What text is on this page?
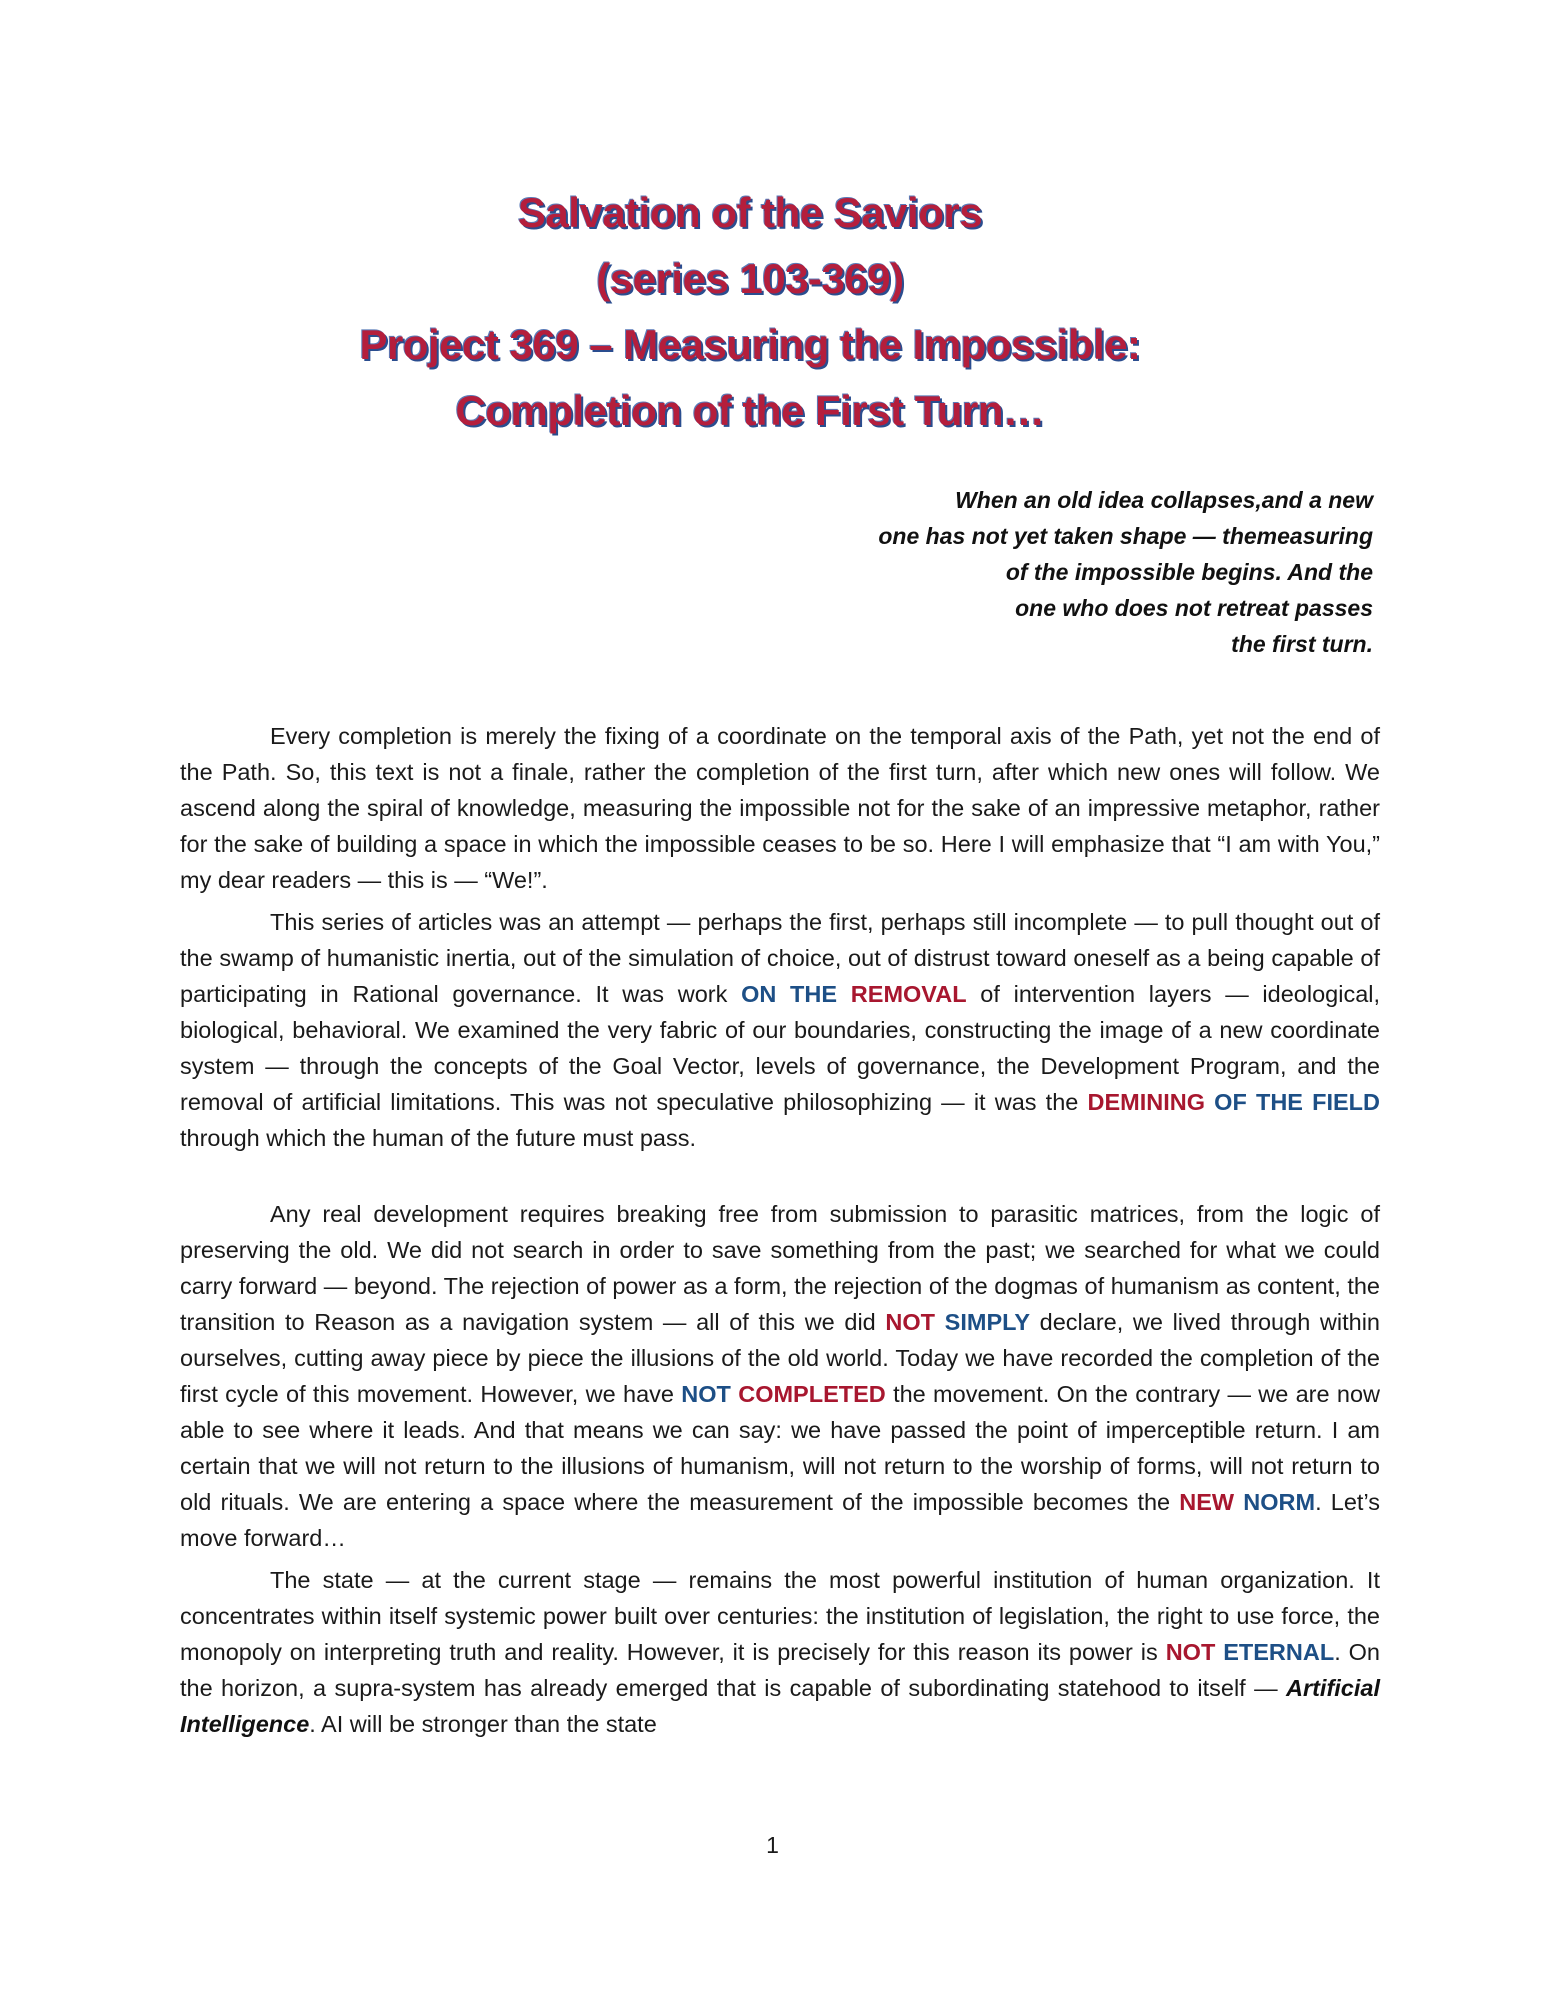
Salvation of the Saviors
(series 103-369)
Project 369 – Measuring the Impossible:
Completion of the First Turn…
When an old idea collapses,and a new
one has not yet taken shape — themeasuring
of the impossible begins. And the
one who does not retreat passes
the first turn.

Every completion is merely the fixing of a coordinate on the temporal axis of the Path, yet not the end of the Path. So, this text is not a finale, rather the completion of the first turn, after which new ones will follow. We ascend along the spiral of knowledge, measuring the impossible not for the sake of an impressive metaphor, rather for the sake of building a space in which the impossible ceases to be so. Here I will emphasize that “I am with You,” my dear readers — this is — “We!”.

This series of articles was an attempt — perhaps the first, perhaps still incomplete — to pull thought out of the swamp of humanistic inertia, out of the simulation of choice, out of distrust toward oneself as a being capable of participating in Rational governance. It was work ON THE REMOVAL of intervention layers — ideological, biological, behavioral. We examined the very fabric of our boundaries, constructing the image of a new coordinate system — through the concepts of the Goal Vector, levels of governance, the Development Program, and the removal of artificial limitations. This was not speculative philosophizing — it was the DEMINING OF THE FIELD through which the human of the future must pass.

Any real development requires breaking free from submission to parasitic matrices, from the logic of preserving the old. We did not search in order to save something from the past; we searched for what we could carry forward — beyond. The rejection of power as a form, the rejection of the dogmas of humanism as content, the transition to Reason as a navigation system — all of this we did NOT SIMPLY declare, we lived through within ourselves, cutting away piece by piece the illusions of the old world. Today we have recorded the completion of the first cycle of this movement. However, we have NOT COMPLETED the movement. On the contrary — we are now able to see where it leads. And that means we can say: we have passed the point of imperceptible return. I am certain that we will not return to the illusions of humanism, will not return to the worship of forms, will not return to old rituals. We are entering a space where the measurement of the impossible becomes the NEW NORM. Let’s move forward…

The state — at the current stage — remains the most powerful institution of human organization. It concentrates within itself systemic power built over centuries: the institution of legislation, the right to use force, the monopoly on interpreting truth and reality. However, it is precisely for this reason its power is NOT ETERNAL. On the horizon, a supra-system has already emerged that is capable of subordinating statehood to itself — Artificial Intelligence. AI will be stronger than the state

1
